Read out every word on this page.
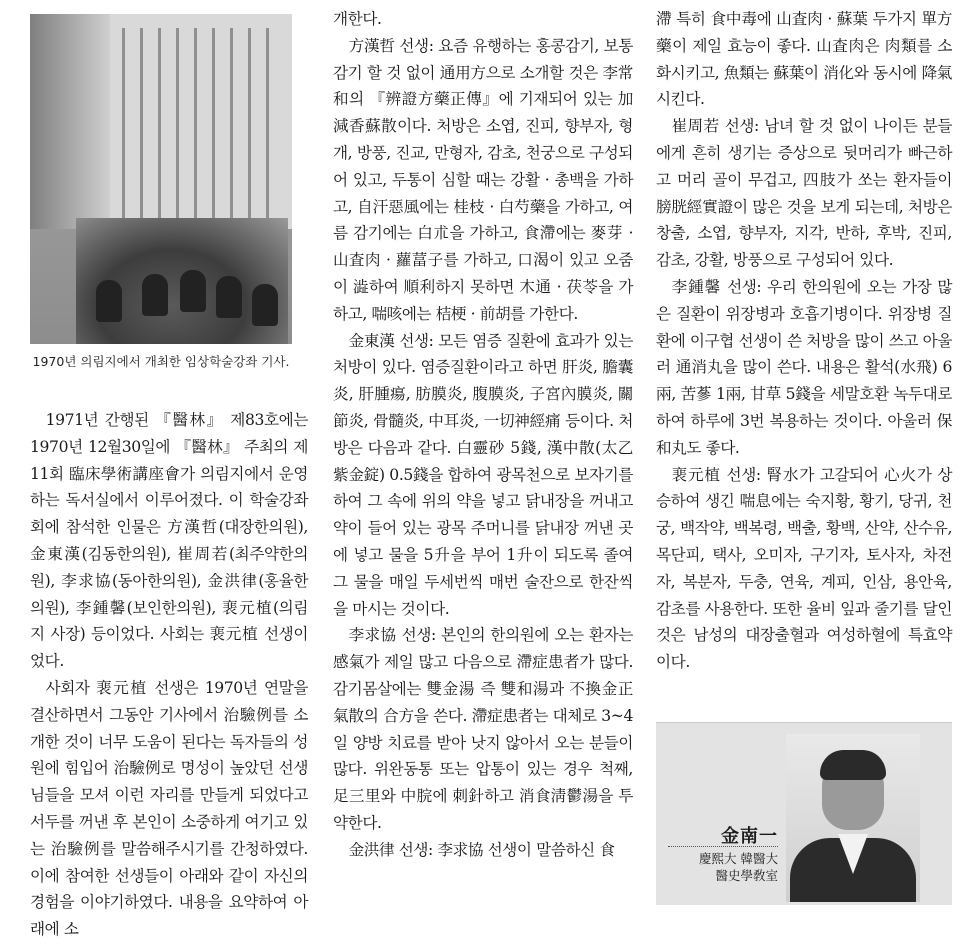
1970년 의림지에서 개최한 임상학술강좌 기사.

1971년 간행된 『醫林』 제83호에는 1970년 12월30일에 『醫林』 주최의 제11회 臨床學術講座會가 의림지에서 운영하는 독서실에서 이루어졌다. 이 학술강좌회에 참석한 인물은 方漢哲(대장한의원), 金東漢(김동한의원), 崔周若(최주약한의원), 李求協(동아한의원), 金洪律(홍율한의원), 李鍾馨(보인한의원), 裵元植(의림지 사장) 등이었다. 사회는 裵元植 선생이었다.

사회자 裵元植 선생은 1970년 연말을 결산하면서 그동안 기사에서 治驗例를 소개한 것이 너무 도움이 된다는 독자들의 성원에 힘입어 治驗例로 명성이 높았던 선생님들을 모셔 이런 자리를 만들게 되었다고 서두를 꺼낸 후 본인이 소중하게 여기고 있는 治驗例를 말씀해주시기를 간청하였다. 이에 참여한 선생들이 아래와 같이 자신의 경험을 이야기하였다. 내용을 요약하여 아래에 소

개한다.

方漢哲 선생: 요즘 유행하는 홍콩감기, 보통감기 할 것 없이 通用方으로 소개할 것은 李常和의 『辨證方藥正傳』에 기재되어 있는 加減香蘇散이다. 처방은 소엽, 진피, 향부자, 형개, 방풍, 진교, 만형자, 감초, 천궁으로 구성되어 있고, 두통이 심할 때는 강활 · 총백을 가하고, 自汗惡風에는 桂枝 · 白芍藥을 가하고, 여름 감기에는 白朮을 가하고, 食滯에는 麥芽 · 山査肉 · 蘿葍子를 가하고, 口渴이 있고 오줌이 澁하여 順利하지 못하면 木通 · 茯苓을 가하고, 喘咳에는 桔梗 · 前胡를 가한다.

金東漢 선생: 모든 염증 질환에 효과가 있는 처방이 있다. 염증질환이라고 하면 肝炎, 膽囊炎, 肝腫瘍, 肪膜炎, 腹膜炎, 子宮內膜炎, 關節炎, 骨髓炎, 中耳炎, 一切神經痛 등이다. 처방은 다음과 같다. 白靈砂 5錢, 漢中散(太乙紫金錠) 0.5錢을 합하여 광목천으로 보자기를 하여 그 속에 위의 약을 넣고 닭내장을 꺼내고 약이 들어 있는 광목 주머니를 닭내장 꺼낸 곳에 넣고 물을 5升을 부어 1升이 되도록 졸여 그 물을 매일 두세번씩 매번 술잔으로 한잔씩을 마시는 것이다.

李求協 선생: 본인의 한의원에 오는 환자는 感氣가 제일 많고 다음으로 滯症患者가 많다. 감기몸살에는 雙金湯 즉 雙和湯과 不換金正氣散의 合方을 쓴다. 滯症患者는 대체로 3~4일 양방 치료를 받아 낫지 않아서 오는 분들이 많다. 위완동통 또는 압통이 있는 경우 척째, 足三里와 中脘에 刺針하고 消食淸鬱湯을 투약한다.

金洪律 선생: 李求協 선생이 말씀하신 食

滯 특히 食中毒에 山査肉 · 蘇葉 두가지 單方藥이 제일 효능이 좋다. 山査肉은 肉類를 소화시키고, 魚類는 蘇葉이 消化와 동시에 降氣시킨다.

崔周若 선생: 남녀 할 것 없이 나이든 분들에게 흔히 생기는 증상으로 뒷머리가 빠근하고 머리 골이 무겁고, 四肢가 쏘는 환자들이 膀胱經實證이 많은 것을 보게 되는데, 처방은 창출, 소엽, 향부자, 지각, 반하, 후박, 진피, 감초, 강활, 방풍으로 구성되어 있다.

李鍾馨 선생: 우리 한의원에 오는 가장 많은 질환이 위장병과 호흡기병이다. 위장병 질환에 이구협 선생이 쓴 처방을 많이 쓰고 아울러 通消丸을 많이 쓴다. 내용은 활석(水飛) 6兩, 苦蔘 1兩, 甘草 5錢을 세말호환 녹두대로 하여 하루에 3번 복용하는 것이다. 아울러 保和丸도 좋다.

裵元植 선생: 腎水가 고갈되어 心火가 상승하여 생긴 喘息에는 숙지황, 황기, 당귀, 천궁, 백작약, 백복령, 백출, 황백, 산약, 산수유, 목단피, 택사, 오미자, 구기자, 토사자, 차전자, 복분자, 두충, 연육, 계피, 인삼, 용안육, 감초를 사용한다. 또한 율비 잎과 줄기를 달인 것은 남성의 대장출혈과 여성하혈에 특효약이다.

金南一
慶熙大 韓醫大
醫史學敎室
